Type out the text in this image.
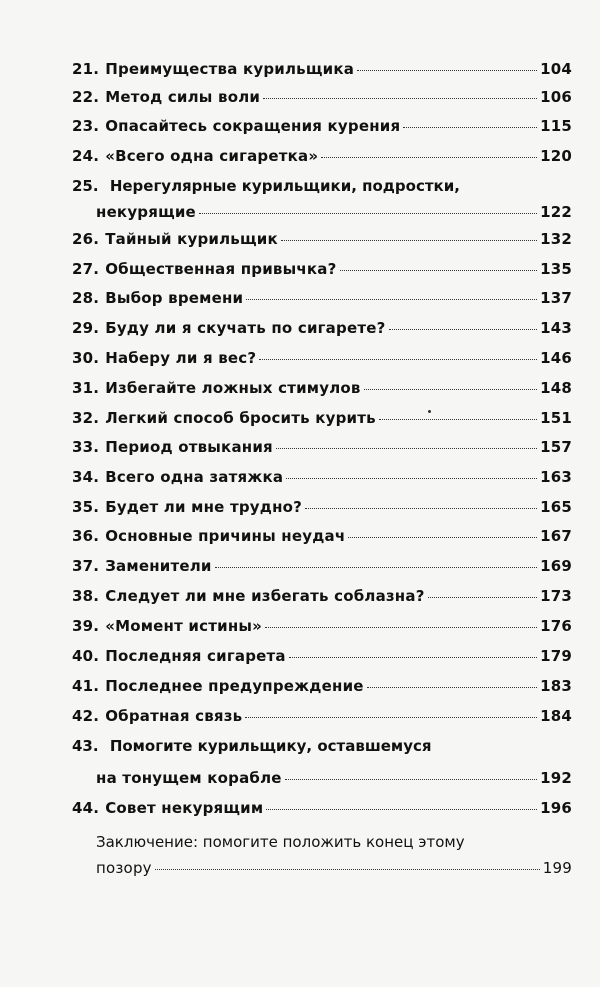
21. Преимущества курильщика	104
22. Метод силы воли	106
23. Опасайтесь сокращения курения	115
24. «Всего одна сигаретка»	120
25. Нерегулярные курильщики, подростки,
некурящие	122
26. Тайный курильщик	132
27. Общественная привычка?	135
28. Выбор времени	137
29. Буду ли я скучать по сигарете?	143
30. Наберу ли я вес?	146
31. Избегайте ложных стимулов	148
32. Легкий способ бросить курить	151
33. Период отвыкания	157
34. Всего одна затяжка	163
35. Будет ли мне трудно?	165
36. Основные причины неудач	167
37. Заменители	169
38. Следует ли мне избегать соблазна?	173
39. «Момент истины»	176
40. Последняя сигарета	179
41. Последнее предупреждение	183
42. Обратная связь	184
43. Помогите курильщику, оставшемуся
на тонущем корабле	192
44. Совет некурящим	196
Заключение: помогите положить конец этому
позору	199
